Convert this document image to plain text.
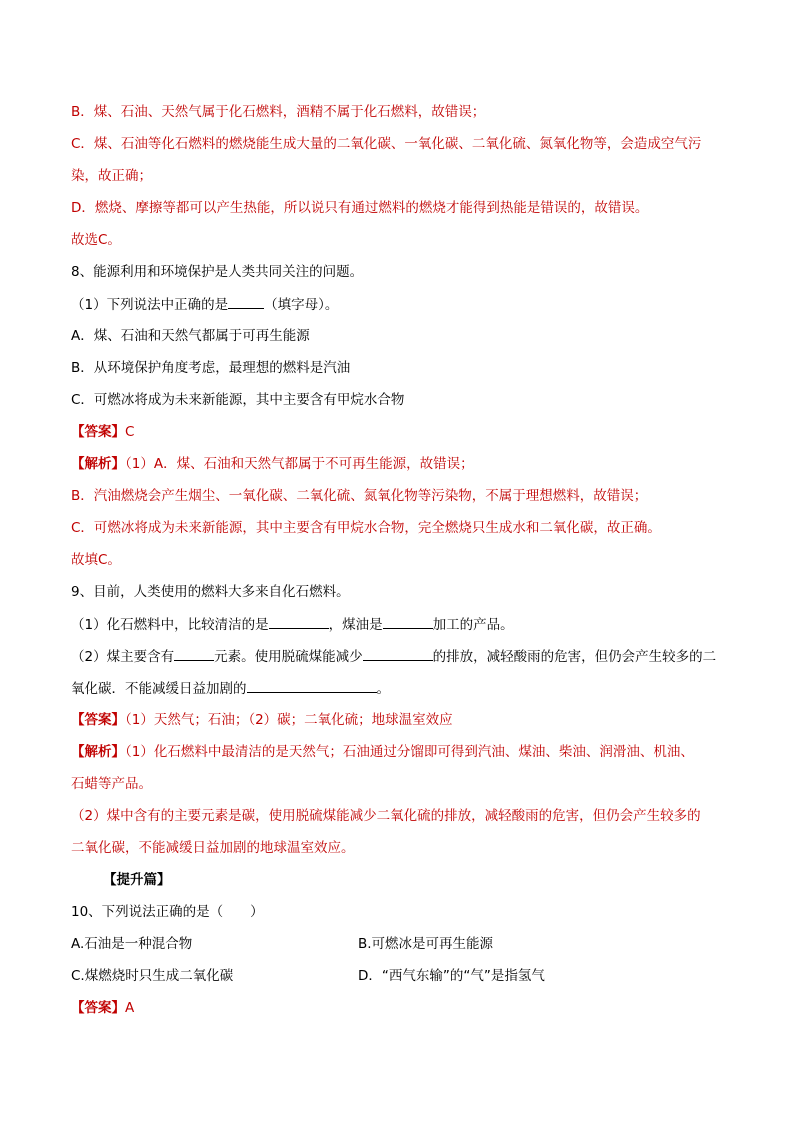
B．煤、石油、天然气属于化石燃料，酒精不属于化石燃料，故错误；
C．煤、石油等化石燃料的燃烧能生成大量的二氧化碳、一氧化碳、二氧化硫、氮氧化物等，会造成空气污
染，故正确；
D．燃烧、摩擦等都可以产生热能，所以说只有通过燃料的燃烧才能得到热能是错误的，故错误。
故选C。
8、能源利用和环境保护是人类共同关注的问题。
（1）下列说法中正确的是	（填字母）。
A．煤、石油和天然气都属于可再生能源
B．从环境保护角度考虑，最理想的燃料是汽油
C．可燃冰将成为未来新能源，其中主要含有甲烷水合物
【答案】C
【解析】（1）A．煤、石油和天然气都属于不可再生能源，故错误；
B．汽油燃烧会产生烟尘、一氧化碳、二氧化硫、氮氧化物等污染物，不属于理想燃料，故错误；
C．可燃冰将成为未来新能源，其中主要含有甲烷水合物，完全燃烧只生成水和二氧化碳，故正确。
故填C。
9、目前，人类使用的燃料大多来自化石燃料。
（1）化石燃料中，比较清洁的是	，煤油是	加工的产品。
（2）煤主要含有	元素。使用脱硫煤能减少	的排放，减轻酸雨的危害，但仍会产生较多的二
氧化碳．不能减缓日益加剧的	。
【答案】（1）天然气；石油；（2）碳；二氧化硫；地球温室效应
【解析】（1）化石燃料中最清洁的是天然气；石油通过分馏即可得到汽油、煤油、柴油、润滑油、机油、
石蜡等产品。
（2）煤中含有的主要元素是碳，使用脱硫煤能减少二氧化硫的排放，减轻酸雨的危害，但仍会产生较多的
二氧化碳，不能减缓日益加剧的地球温室效应。
【提升篇】
10、下列说法正确的是（　　）
A.石油是一种混合物	B.可燃冰是可再生能源
C.煤燃烧时只生成二氧化碳	D．“西气东输”的“气”是指氢气
【答案】A
